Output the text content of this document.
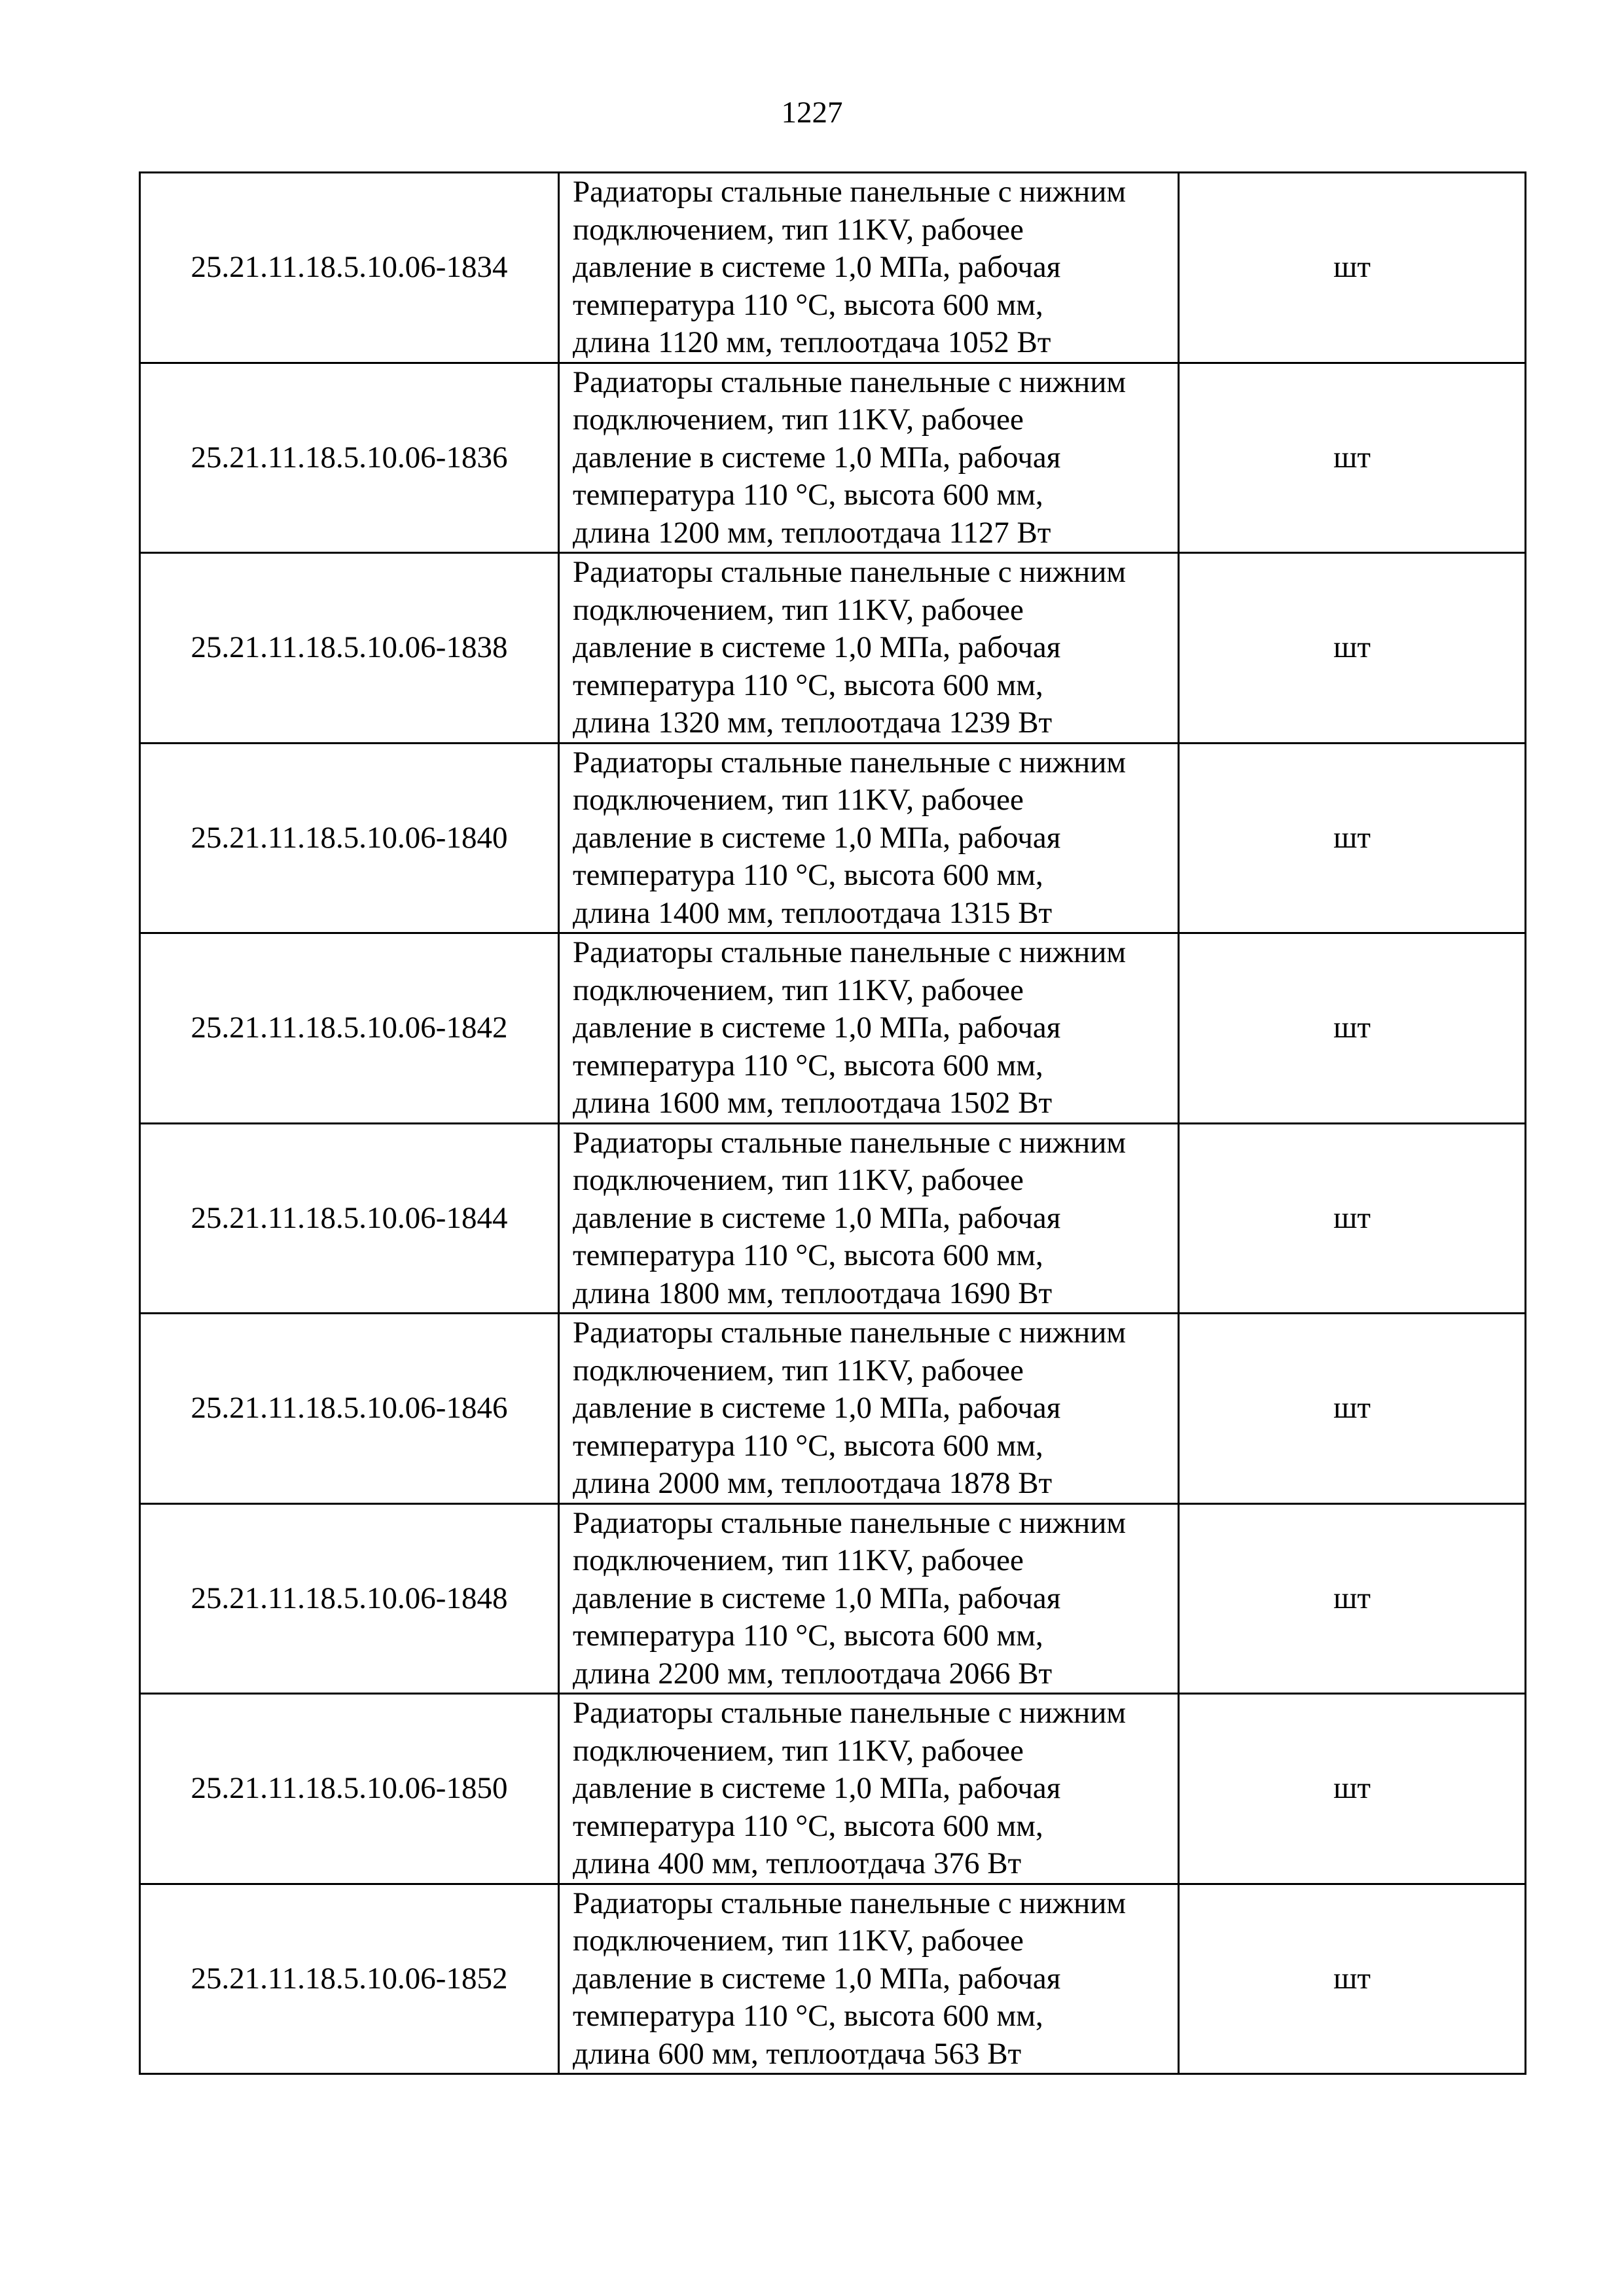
1227
25.21.11.18.5.10.06-1834	Радиаторы стальные панельные с нижним
подключением, тип 11KV, рабочее
давление в системе 1,0 МПа, рабочая
температура 110 °С, высота 600 мм,
длина 1120 мм, теплоотдача 1052 Вт	шт
25.21.11.18.5.10.06-1836	Радиаторы стальные панельные с нижним
подключением, тип 11KV, рабочее
давление в системе 1,0 МПа, рабочая
температура 110 °С, высота 600 мм,
длина 1200 мм, теплоотдача 1127 Вт	шт
25.21.11.18.5.10.06-1838	Радиаторы стальные панельные с нижним
подключением, тип 11KV, рабочее
давление в системе 1,0 МПа, рабочая
температура 110 °С, высота 600 мм,
длина 1320 мм, теплоотдача 1239 Вт	шт
25.21.11.18.5.10.06-1840	Радиаторы стальные панельные с нижним
подключением, тип 11KV, рабочее
давление в системе 1,0 МПа, рабочая
температура 110 °С, высота 600 мм,
длина 1400 мм, теплоотдача 1315 Вт	шт
25.21.11.18.5.10.06-1842	Радиаторы стальные панельные с нижним
подключением, тип 11KV, рабочее
давление в системе 1,0 МПа, рабочая
температура 110 °С, высота 600 мм,
длина 1600 мм, теплоотдача 1502 Вт	шт
25.21.11.18.5.10.06-1844	Радиаторы стальные панельные с нижним
подключением, тип 11KV, рабочее
давление в системе 1,0 МПа, рабочая
температура 110 °С, высота 600 мм,
длина 1800 мм, теплоотдача 1690 Вт	шт
25.21.11.18.5.10.06-1846	Радиаторы стальные панельные с нижним
подключением, тип 11KV, рабочее
давление в системе 1,0 МПа, рабочая
температура 110 °С, высота 600 мм,
длина 2000 мм, теплоотдача 1878 Вт	шт
25.21.11.18.5.10.06-1848	Радиаторы стальные панельные с нижним
подключением, тип 11KV, рабочее
давление в системе 1,0 МПа, рабочая
температура 110 °С, высота 600 мм,
длина 2200 мм, теплоотдача 2066 Вт	шт
25.21.11.18.5.10.06-1850	Радиаторы стальные панельные с нижним
подключением, тип 11KV, рабочее
давление в системе 1,0 МПа, рабочая
температура 110 °С, высота 600 мм,
длина 400 мм, теплоотдача 376 Вт	шт
25.21.11.18.5.10.06-1852	Радиаторы стальные панельные с нижним
подключением, тип 11KV, рабочее
давление в системе 1,0 МПа, рабочая
температура 110 °С, высота 600 мм,
длина 600 мм, теплоотдача 563 Вт	шт
